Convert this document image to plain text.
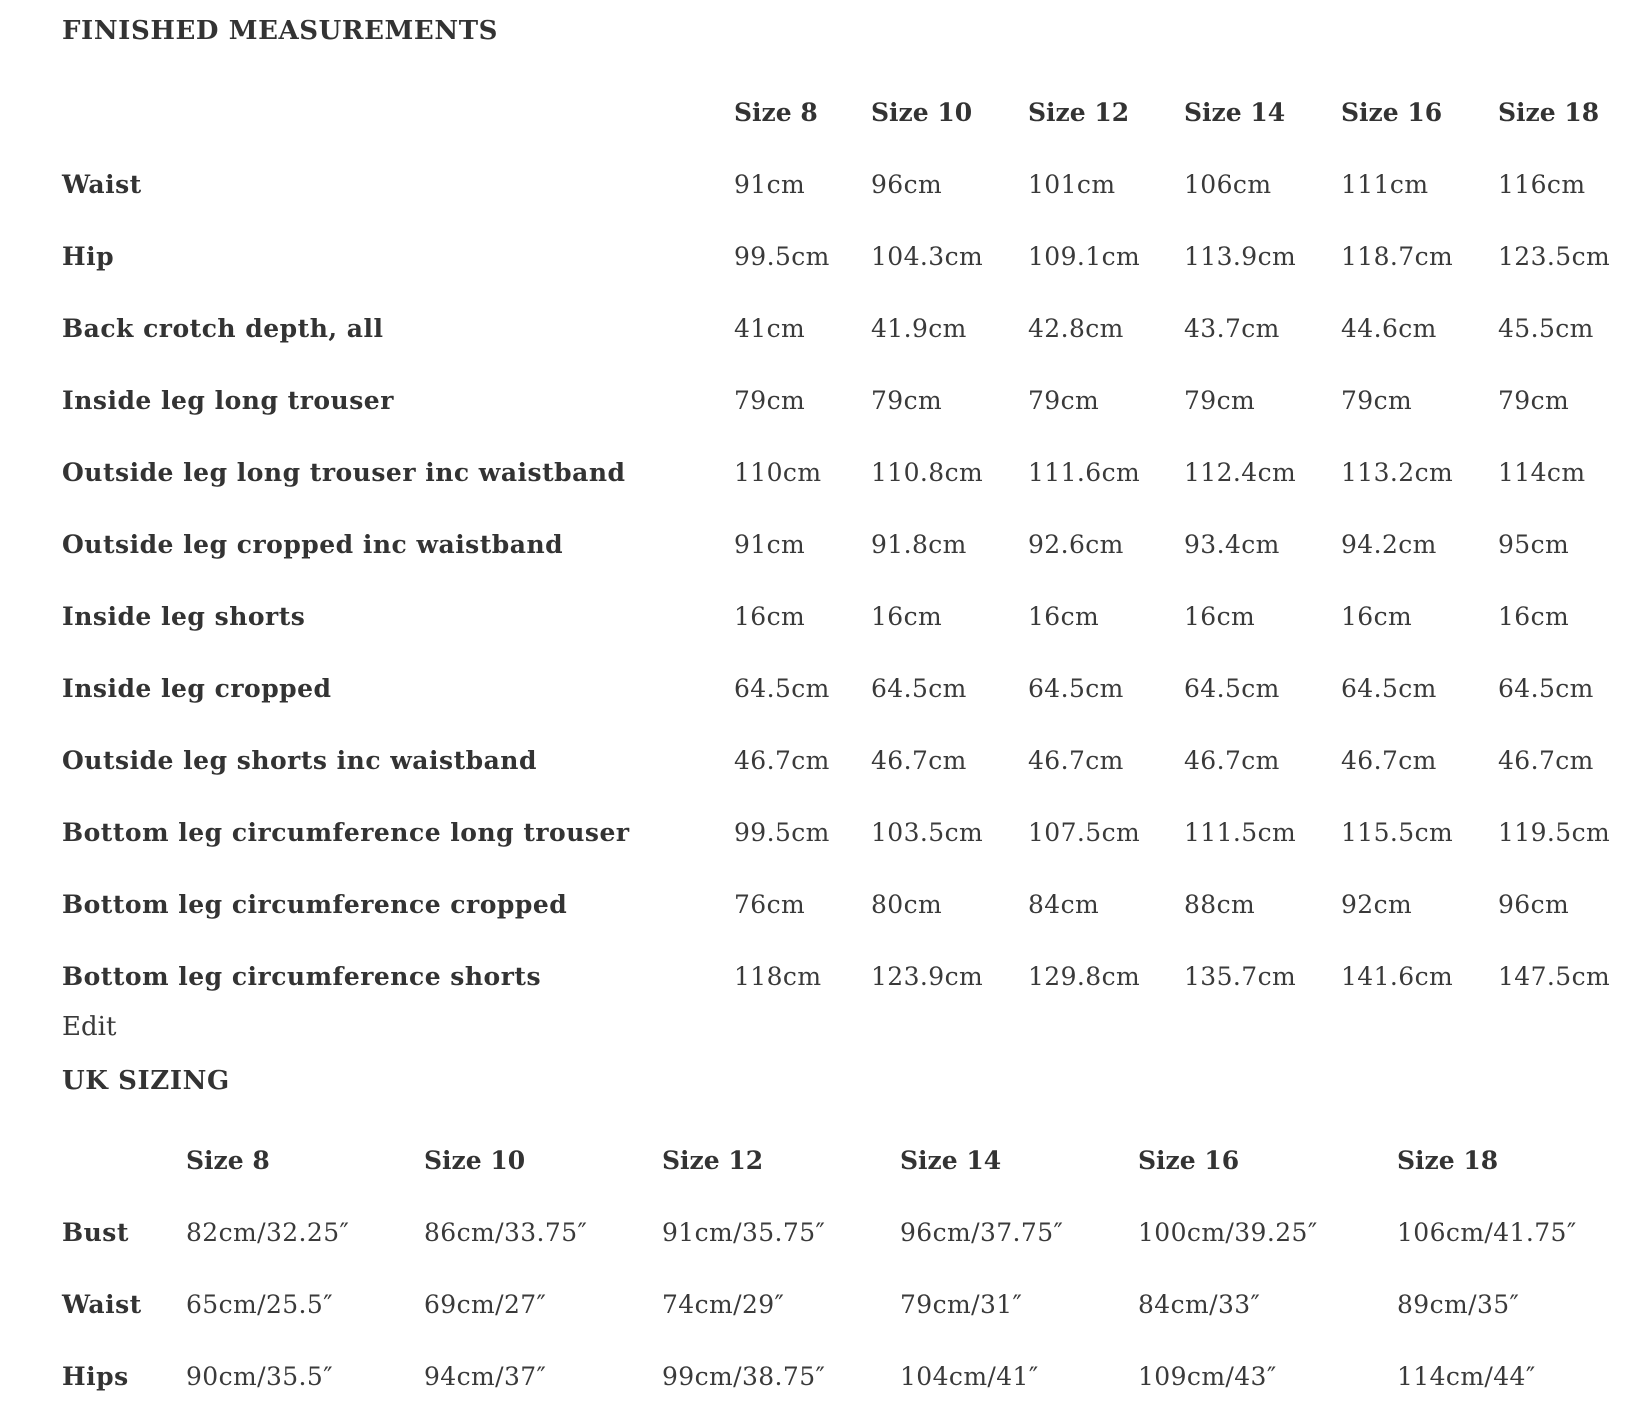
FINISHED MEASUREMENTS
	Size 8	Size 10	Size 12	Size 14	Size 16	Size 18
Waist	91cm	96cm	101cm	106cm	111cm	116cm
Hip	99.5cm	104.3cm	109.1cm	113.9cm	118.7cm	123.5cm
Back crotch depth, all	41cm	41.9cm	42.8cm	43.7cm	44.6cm	45.5cm
Inside leg long trouser	79cm	79cm	79cm	79cm	79cm	79cm
Outside leg long trouser inc waistband	110cm	110.8cm	111.6cm	112.4cm	113.2cm	114cm
Outside leg cropped inc waistband	91cm	91.8cm	92.6cm	93.4cm	94.2cm	95cm
Inside leg shorts	16cm	16cm	16cm	16cm	16cm	16cm
Inside leg cropped	64.5cm	64.5cm	64.5cm	64.5cm	64.5cm	64.5cm
Outside leg shorts inc waistband	46.7cm	46.7cm	46.7cm	46.7cm	46.7cm	46.7cm
Bottom leg circumference long trouser	99.5cm	103.5cm	107.5cm	111.5cm	115.5cm	119.5cm
Bottom leg circumference cropped	76cm	80cm	84cm	88cm	92cm	96cm
Bottom leg circumference shorts	118cm	123.9cm	129.8cm	135.7cm	141.6cm	147.5cm
Edit
UK SIZING
	Size 8	Size 10	Size 12	Size 14	Size 16	Size 18
Bust	82cm/32.25″	86cm/33.75″	91cm/35.75″	96cm/37.75″	100cm/39.25″	106cm/41.75″
Waist	65cm/25.5″	69cm/27″	74cm/29″	79cm/31″	84cm/33″	89cm/35″
Hips	90cm/35.5″	94cm/37″	99cm/38.75″	104cm/41″	109cm/43″	114cm/44″
